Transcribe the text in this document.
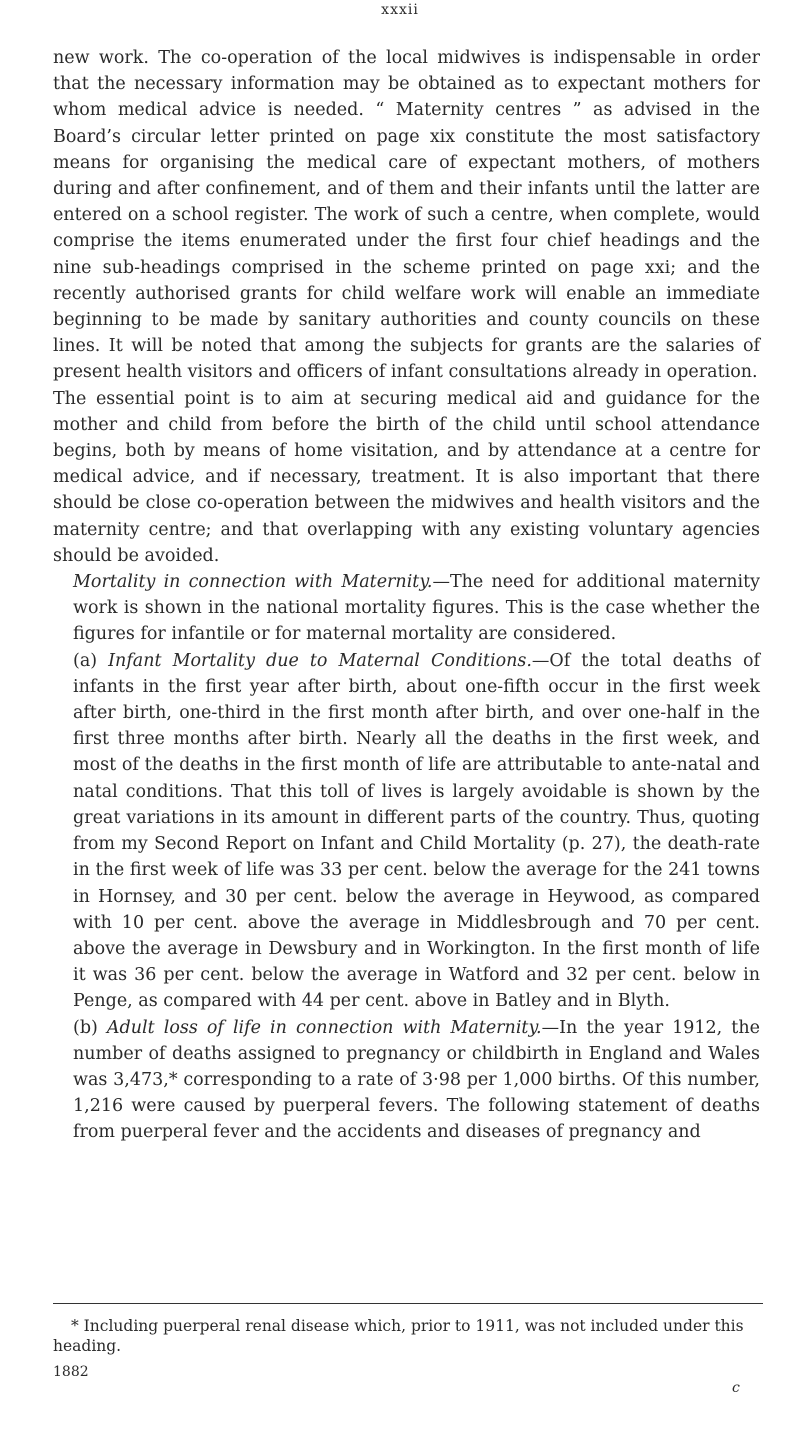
xxxii

new work. The co-operation of the local midwives is indispensable in order that the necessary information may be obtained as to expectant mothers for whom medical advice is needed. “ Maternity centres ” as advised in the Board’s circular letter printed on page xix constitute the most satisfactory means for organising the medical care of expectant mothers, of mothers during and after confinement, and of them and their infants until the latter are entered on a school register. The work of such a centre, when complete, would comprise the items enumerated under the first four chief headings and the nine sub-headings comprised in the scheme printed on page xxi; and the recently authorised grants for child welfare work will enable an immediate beginning to be made by sanitary authorities and county councils on these lines. It will be noted that among the subjects for grants are the salaries of present health visitors and officers of infant consultations already in operation.

The essential point is to aim at securing medical aid and guidance for the mother and child from before the birth of the child until school attendance begins, both by means of home visitation, and by attendance at a centre for medical advice, and if necessary, treatment. It is also important that there should be close co-operation between the midwives and health visitors and the maternity centre; and that overlapping with any existing voluntary agencies should be avoided.

Mortality in connection with Maternity.—The need for additional maternity work is shown in the national mortality figures. This is the case whether the figures for infantile or for maternal mortality are considered.

(a) Infant Mortality due to Maternal Conditions.—Of the total deaths of infants in the first year after birth, about one-fifth occur in the first week after birth, one-third in the first month after birth, and over one-half in the first three months after birth. Nearly all the deaths in the first week, and most of the deaths in the first month of life are attributable to ante-natal and natal conditions. That this toll of lives is largely avoidable is shown by the great variations in its amount in different parts of the country. Thus, quoting from my Second Report on Infant and Child Mortality (p. 27), the death-rate in the first week of life was 33 per cent. below the average for the 241 towns in Hornsey, and 30 per cent. below the average in Heywood, as compared with 10 per cent. above the average in Middlesbrough and 70 per cent. above the average in Dewsbury and in Workington. In the first month of life it was 36 per cent. below the average in Watford and 32 per cent. below in Penge, as compared with 44 per cent. above in Batley and in Blyth.

(b) Adult loss of life in connection with Maternity.—In the year 1912, the number of deaths assigned to pregnancy or childbirth in England and Wales was 3,473,* corresponding to a rate of 3·98 per 1,000 births. Of this number, 1,216 were caused by puerperal fevers. The following statement of deaths from puerperal fever and the accidents and diseases of pregnancy and

* Including puerperal renal disease which, prior to 1911, was not included under this heading.

1882
c
